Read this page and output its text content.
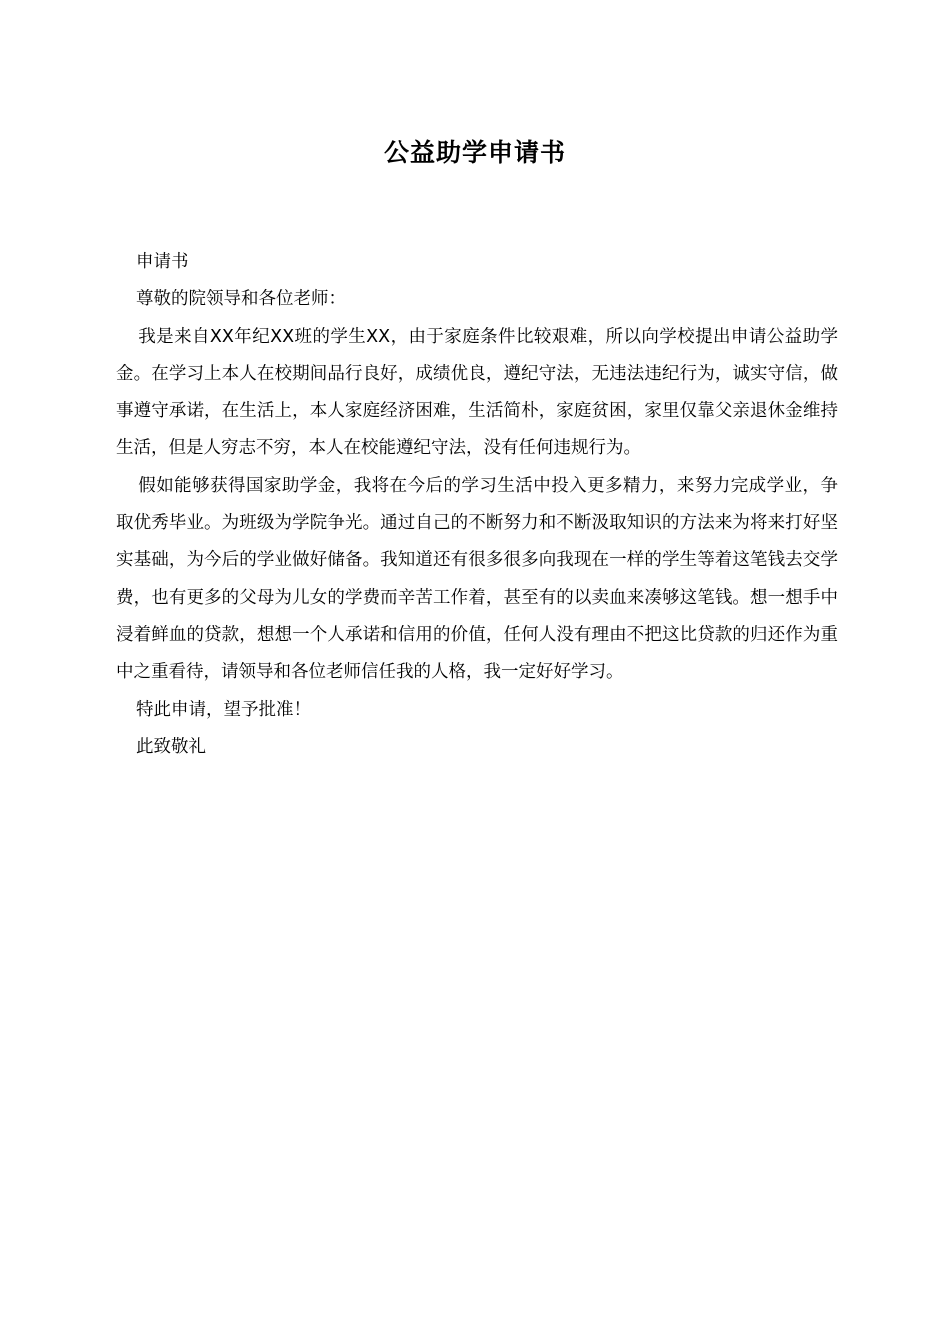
公益助学申请书

申请书

尊敬的院领导和各位老师：

我是来自XX年纪XX班的学生XX，由于家庭条件比较艰难，所以向学校提出申请公益助学金。在学习上本人在校期间品行良好，成绩优良，遵纪守法，无违法违纪行为，诚实守信，做事遵守承诺，在生活上，本人家庭经济困难，生活简朴，家庭贫困，家里仅靠父亲退休金维持生活，但是人穷志不穷，本人在校能遵纪守法，没有任何违规行为。

假如能够获得国家助学金，我将在今后的学习生活中投入更多精力，来努力完成学业，争取优秀毕业。为班级为学院争光。通过自己的不断努力和不断汲取知识的方法来为将来打好坚实基础，为今后的学业做好储备。我知道还有很多很多向我现在一样的学生等着这笔钱去交学费，也有更多的父母为儿女的学费而辛苦工作着，甚至有的以卖血来凑够这笔钱。想一想手中浸着鲜血的贷款，想想一个人承诺和信用的价值，任何人没有理由不把这比贷款的归还作为重中之重看待，请领导和各位老师信任我的人格，我一定好好学习。

特此申请，望予批准！

此致敬礼
